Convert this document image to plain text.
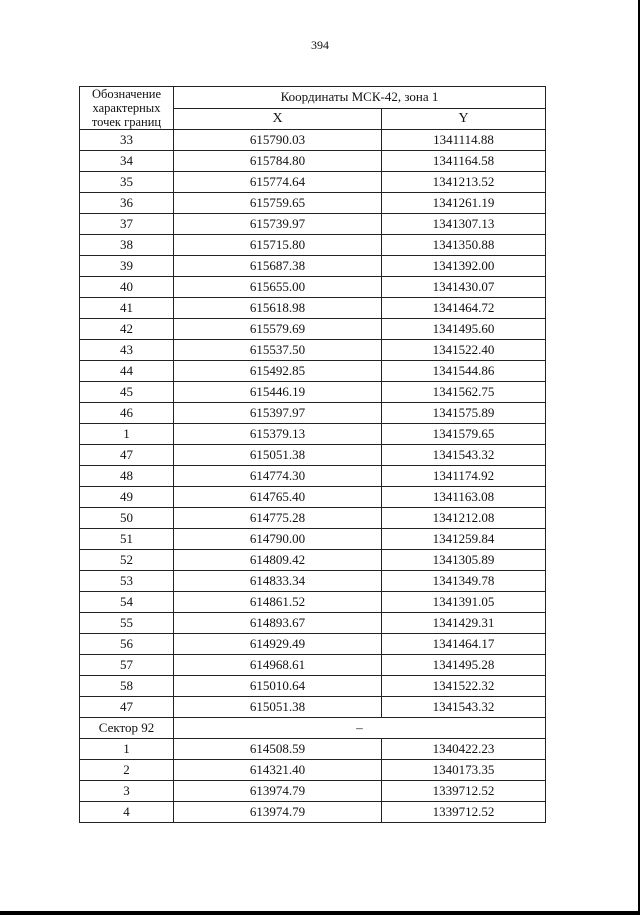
394
Обозначение
характерных
точек границ	Координаты МСК-42, зона 1	
	X	Y
33	615790.03	1341114.88
34	615784.80	1341164.58
35	615774.64	1341213.52
36	615759.65	1341261.19
37	615739.97	1341307.13
38	615715.80	1341350.88
39	615687.38	1341392.00
40	615655.00	1341430.07
41	615618.98	1341464.72
42	615579.69	1341495.60
43	615537.50	1341522.40
44	615492.85	1341544.86
45	615446.19	1341562.75
46	615397.97	1341575.89
1	615379.13	1341579.65
47	615051.38	1341543.32
48	614774.30	1341174.92
49	614765.40	1341163.08
50	614775.28	1341212.08
51	614790.00	1341259.84
52	614809.42	1341305.89
53	614833.34	1341349.78
54	614861.52	1341391.05
55	614893.67	1341429.31
56	614929.49	1341464.17
57	614968.61	1341495.28
58	615010.64	1341522.32
47	615051.38	1341543.32
Сектор 92	–	
1	614508.59	1340422.23
2	614321.40	1340173.35
3	613974.79	1339712.52
4	613974.79	1339712.52
